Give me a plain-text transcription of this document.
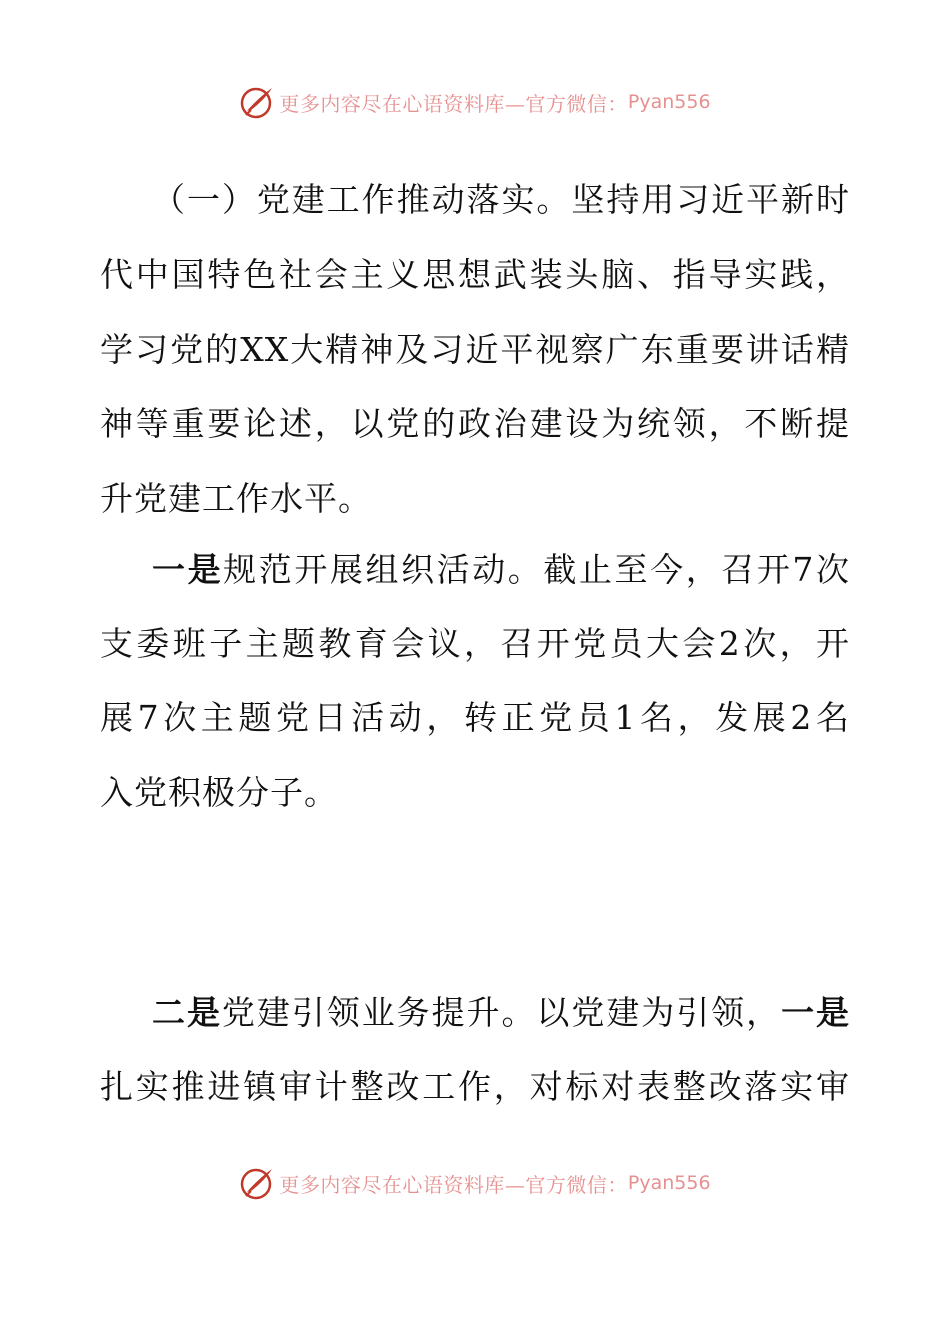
更多内容尽在心语资料库—官方微信： Pyan556
（一）党建工作推动落实。坚持用习近平新时
代中国特色社会主义思想武装头脑、指导实践，
学习党的XX大精神及习近平视察广东重要讲话精
神等重要论述，以党的政治建设为统领，不断提
升党建工作水平。
一是规范开展组织活动。截止至今，召开7次
支委班子主题教育会议，召开党员大会2次，开
展7次主题党日活动，转正党员1名，发展2名
入党积极分子。
二是党建引领业务提升。以党建为引领，一是
扎实推进镇审计整改工作，对标对表整改落实审
更多内容尽在心语资料库—官方微信： Pyan556
